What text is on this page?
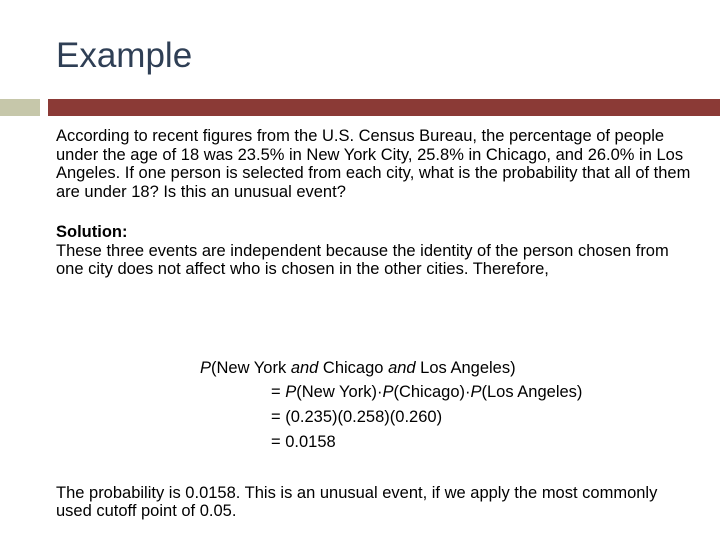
Example

According to recent figures from the U.S. Census Bureau, the percentage of people under the age of 18 was 23.5% in New York City, 25.8% in Chicago, and 26.0% in Los Angeles. If one person is selected from each city, what is the probability that all of them are under 18? Is this an unusual event?

Solution:

These three events are independent because the identity of the person chosen from one city does not affect who is chosen in the other cities. Therefore,

P(New York and Chicago and Los Angeles)
= P(New York)·P(Chicago)·P(Los Angeles)
= (0.235)(0.258)(0.260)
= 0.0158
The probability is 0.0158. This is an unusual event, if we apply the most commonly used cutoff point of 0.05.
